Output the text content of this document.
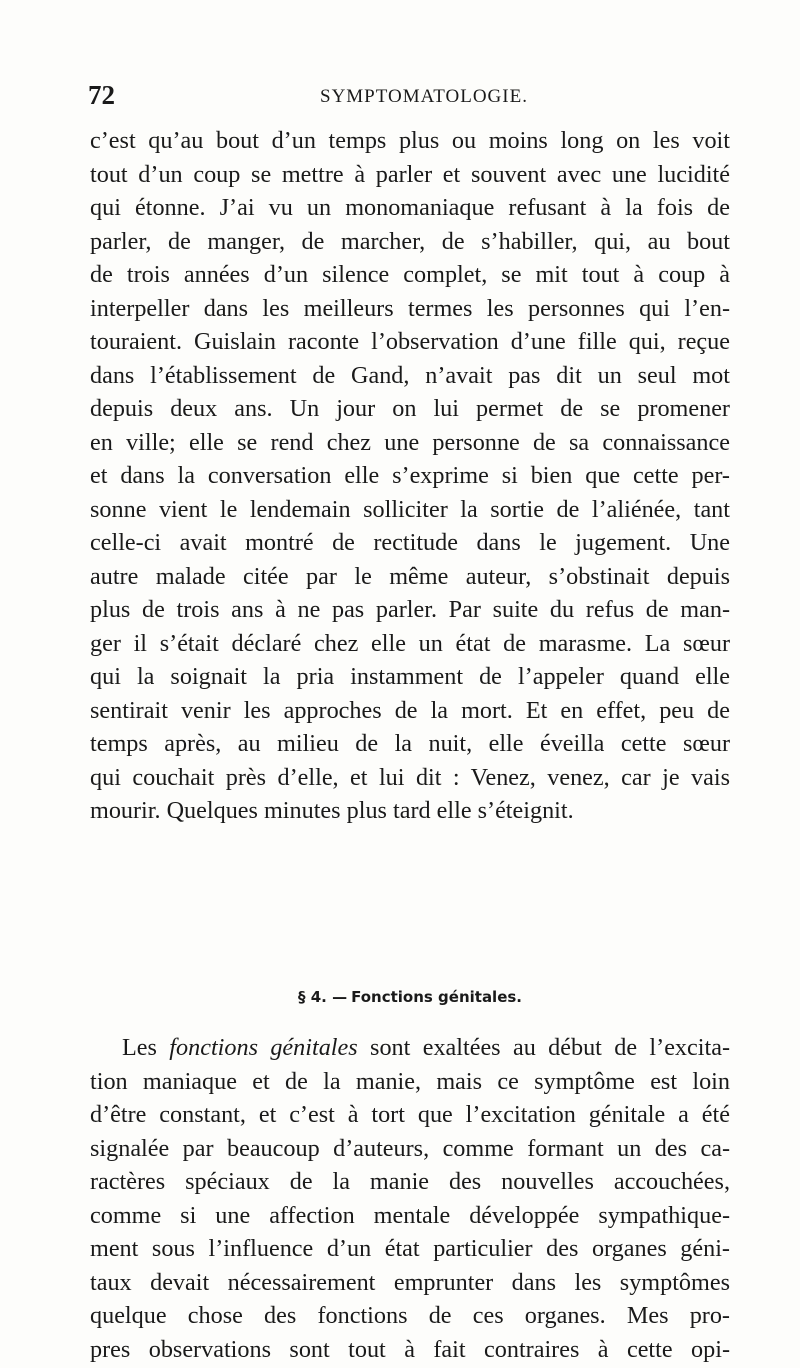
72	SYMPTOMATOLOGIE.
c’est qu’au bout d’un temps plus ou moins long on les voit
tout d’un coup se mettre à parler et souvent avec une lucidité
qui étonne. J’ai vu un monomaniaque refusant à la fois de
parler, de manger, de marcher, de s’habiller, qui, au bout
de trois années d’un silence complet, se mit tout à coup à
interpeller dans les meilleurs termes les personnes qui l’en-
touraient. Guislain raconte l’observation d’une fille qui, reçue
dans l’établissement de Gand, n’avait pas dit un seul mot
depuis deux ans. Un jour on lui permet de se promener
en ville; elle se rend chez une personne de sa connaissance
et dans la conversation elle s’exprime si bien que cette per-
sonne vient le lendemain solliciter la sortie de l’aliénée, tant
celle-ci avait montré de rectitude dans le jugement. Une
autre malade citée par le même auteur, s’obstinait depuis
plus de trois ans à ne pas parler. Par suite du refus de man-
ger il s’était déclaré chez elle un état de marasme. La sœur
qui la soignait la pria instamment de l’appeler quand elle
sentirait venir les approches de la mort. Et en effet, peu de
temps après, au milieu de la nuit, elle éveilla cette sœur
qui couchait près d’elle, et lui dit : Venez, venez, car je vais
mourir. Quelques minutes plus tard elle s’éteignit.
§ 4. — Fonctions génitales.
Les fonctions génitales sont exaltées au début de l’excita-
tion maniaque et de la manie, mais ce symptôme est loin
d’être constant, et c’est à tort que l’excitation génitale a été
signalée par beaucoup d’auteurs, comme formant un des ca-
ractères spéciaux de la manie des nouvelles accouchées,
comme si une affection mentale développée sympathique-
ment sous l’influence d’un état particulier des organes géni-
taux devait nécessairement emprunter dans les symptômes
quelque chose des fonctions de ces organes. Mes pro-
pres observations sont tout à fait contraires à cette opi-
